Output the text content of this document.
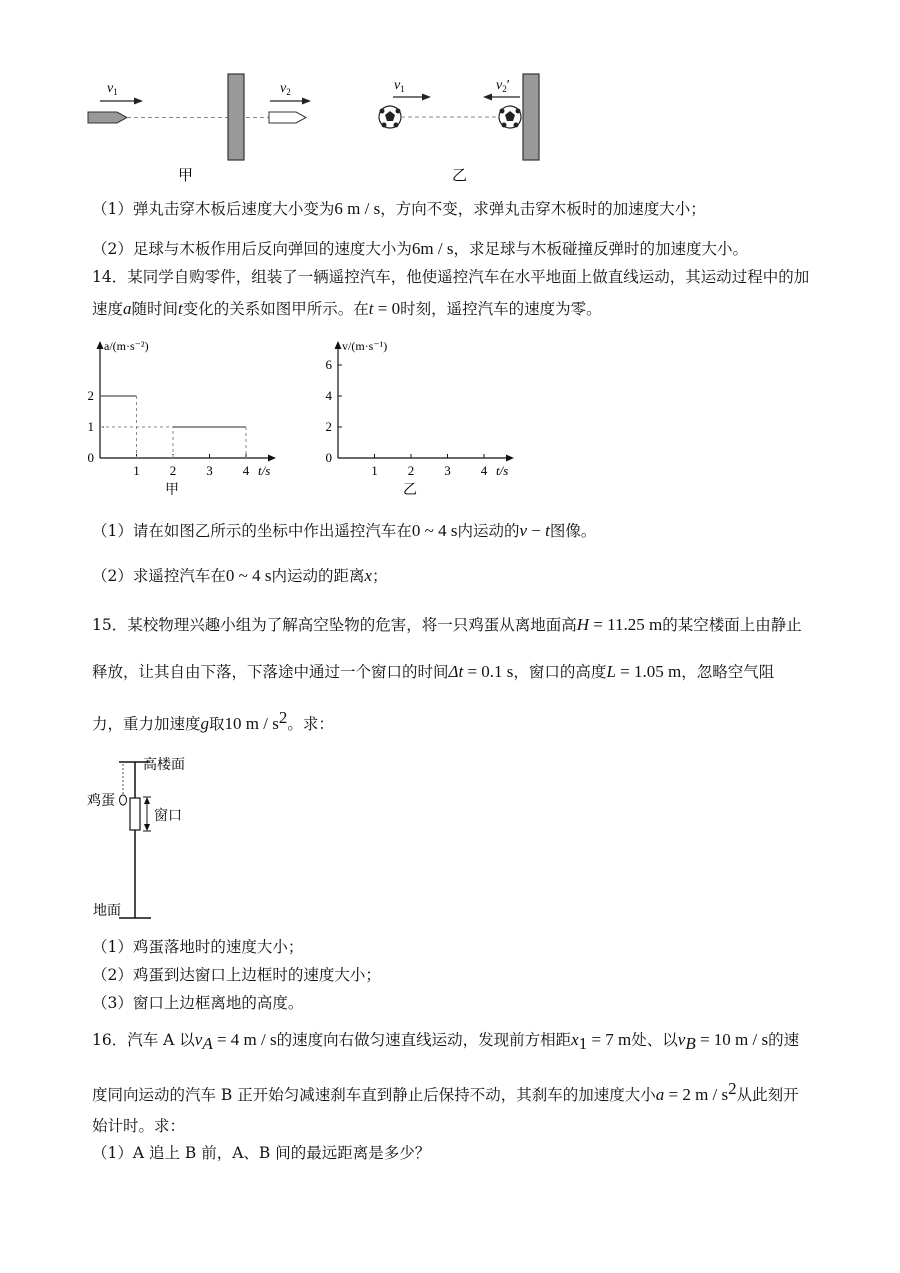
$v_1$	$v_2$
甲
$v_1$	$v_2'$
乙
（1）弹丸击穿木板后速度大小变为6 m / s，方向不变，求弹丸击穿木板时的加速度大小；
（2）足球与木板作用后反向弹回的速度大小为6m / s，求足球与木板碰撞反弹时的加速度大小。
14．某同学自购零件，组装了一辆遥控汽车，他使遥控汽车在水平地面上做直线运动，其运动过程中的加
速度a随时间t变化的关系如图甲所示。在t = 0时刻，遥控汽车的速度为零。
1 2 3 4
0
1
2
a/(m·s⁻²)
t/s
甲
1 2 3 4
0
2
4
6
v/(m·s⁻¹)
t/s
乙
（1）请在如图乙所示的坐标中作出遥控汽车在0 ~ 4 s内运动的v − t图像。
（2）求遥控汽车在0 ~ 4 s内运动的距离x；
15．某校物理兴趣小组为了解高空坠物的危害，将一只鸡蛋从离地面高H = 11.25 m的某空楼面上由静止
释放，让其自由下落，下落途中通过一个窗口的时间Δt = 0.1 s，窗口的高度L = 1.05 m，忽略空气阻
力，重力加速度g取10 m / $s^2$。求：
高楼面
鸡蛋
窗口
地面
（1）鸡蛋落地时的速度大小；
（2）鸡蛋到达窗口上边框时的速度大小；
（3）窗口上边框离地的高度。
16．汽车 A 以$v_A = 4$ m / s的速度向右做匀速直线运动，发现前方相距$x_1 = 7$ m处、以$v_B = 10$ m / s的速
度同向运动的汽车 B 正开始匀减速刹车直到静止后保持不动，其刹车的加速度大小a = 2 m / $s^2$从此刻开
始计时。求：
（1）A 追上 B 前，A、B 间的最远距离是多少？
